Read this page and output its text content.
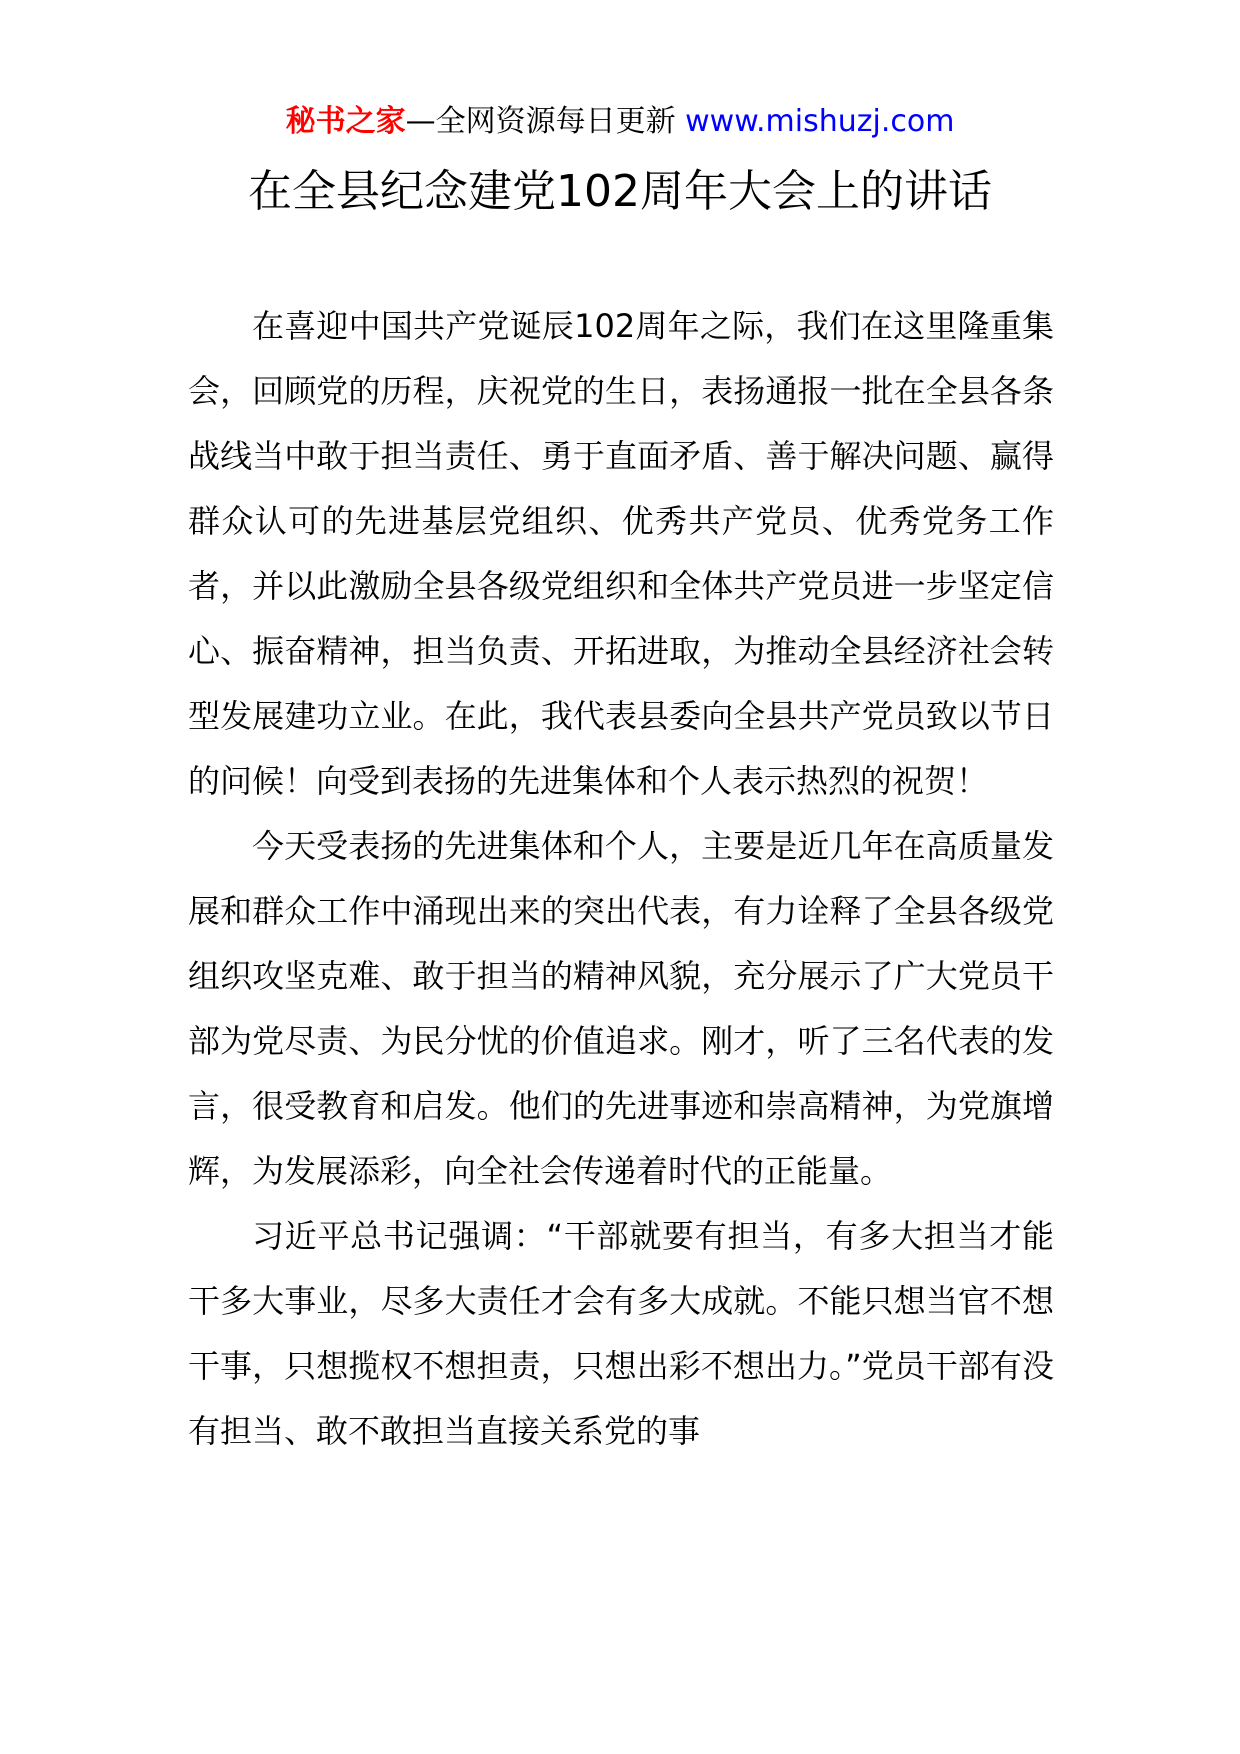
秘书之家—全网资源每日更新 www.mishuzj.com
在全县纪念建党102周年大会上的讲话

在喜迎中国共产党诞辰102周年之际，我们在这里隆重集会，回顾党的历程，庆祝党的生日，表扬通报一批在全县各条战线当中敢于担当责任、勇于直面矛盾、善于解决问题、赢得群众认可的先进基层党组织、优秀共产党员、优秀党务工作者，并以此激励全县各级党组织和全体共产党员进一步坚定信心、振奋精神，担当负责、开拓进取，为推动全县经济社会转型发展建功立业。在此，我代表县委向全县共产党员致以节日的问候！向受到表扬的先进集体和个人表示热烈的祝贺！

今天受表扬的先进集体和个人，主要是近几年在高质量发展和群众工作中涌现出来的突出代表，有力诠释了全县各级党组织攻坚克难、敢于担当的精神风貌，充分展示了广大党员干部为党尽责、为民分忧的价值追求。刚才，听了三名代表的发言，很受教育和启发。他们的先进事迹和崇高精神，为党旗增辉，为发展添彩，向全社会传递着时代的正能量。

习近平总书记强调：“干部就要有担当，有多大担当才能干多大事业，尽多大责任才会有多大成就。不能只想当官不想干事，只想揽权不想担责，只想出彩不想出力。”党员干部有没有担当、敢不敢担当直接关系党的事
